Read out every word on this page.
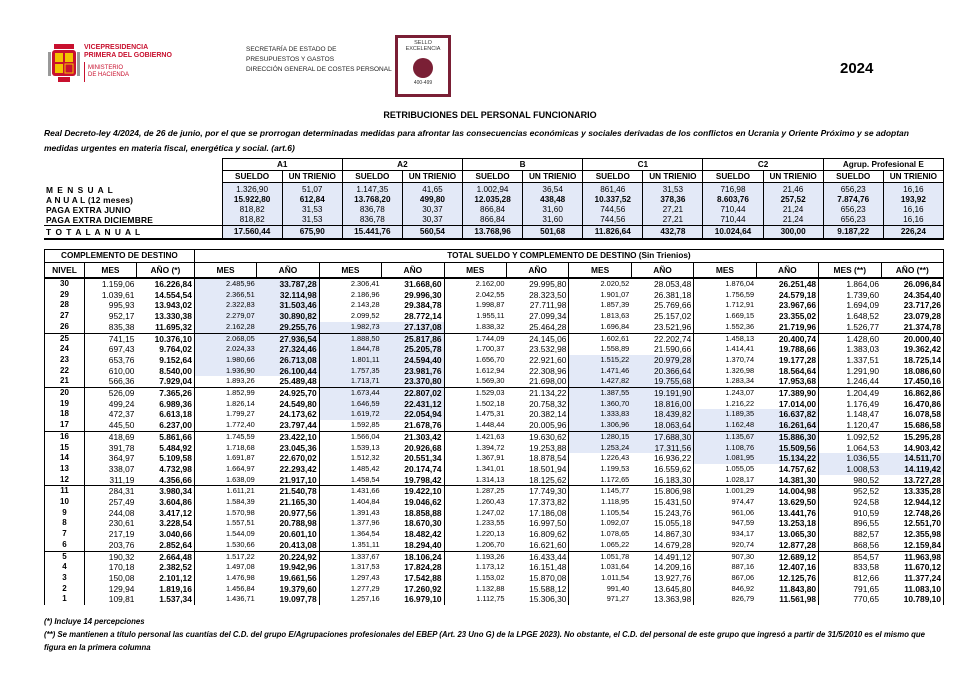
VICEPRESIDENCIA
PRIMERA DEL GOBIERNO
MINISTERIO
DE HACIENDA
SECRETARÍA DE ESTADO DE
PRESUPUESTOS Y GASTOS
DIRECCIÓN GENERAL DE COSTES PERSONAL
SELLO EXCELENCIA
400-499
2024
RETRIBUCIONES DEL PERSONAL FUNCIONARIO
Real Decreto-ley 4/2024, de 26 de junio, por el que se prorrogan determinadas medidas para afrontar las consecuencias económicas y sociales derivadas de los conflictos en Ucrania y Oriente Próximo y se adoptan medidas urgentes en materia fiscal, energética y social. (art.6)
	A1		A2		B		C1		C2		Agrup. Profesional E	
	SUELDO	UN TRIENIO	SUELDO	UN TRIENIO	SUELDO	UN TRIENIO	SUELDO	UN TRIENIO	SUELDO	UN TRIENIO	SUELDO	UN TRIENIO
M E N S U A L	1.326,90	51,07	1.147,35	41,65	1.002,94	36,54	861,46	31,53	716,98	21,46	656,23	16,16
A N U A L (12 meses)	15.922,80	612,84	13.768,20	499,80	12.035,28	438,48	10.337,52	378,36	8.603,76	257,52	7.874,76	193,92
PAGA EXTRA JUNIO	818,82	31,53	836,78	30,37	866,84	31,60	744,56	27,21	710,44	21,24	656,23	16,16
PAGA EXTRA DICIEMBRE	818,82	31,53	836,78	30,37	866,84	31,60	744,56	27,21	710,44	21,24	656,23	16,16
T O T A L A N U A L	17.560,44	675,90	15.441,76	560,54	13.768,96	501,68	11.826,64	432,78	10.024,64	300,00	9.187,22	226,24
COMPLEMENTO DE DESTINO			TOTAL SUELDO Y COMPLEMENTO DE DESTINO (Sin Trienios)											
NIVEL	MES	AÑO (*)	MES	AÑO	MES	AÑO	MES	AÑO	MES	AÑO	MES	AÑO	MES (**)	AÑO (**)
30	1.159,06	16.226,84	2.485,96	33.787,28	2.306,41	31.668,60	2.162,00	29.995,80	2.020,52	28.053,48	1.876,04	26.251,48	1.864,06	26.096,84
29	1.039,61	14.554,54	2.366,51	32.114,98	2.186,96	29.996,30	2.042,55	28.323,50	1.901,07	26.381,18	1.756,59	24.579,18	1.739,60	24.354,40
28	995,93	13.943,02	2.322,83	31.503,46	2.143,28	29.384,78	1.998,87	27.711,98	1.857,39	25.769,66	1.712,91	23.967,66	1.694,09	23.717,26
27	952,17	13.330,38	2.279,07	30.890,82	2.099,52	28.772,14	1.955,11	27.099,34	1.813,63	25.157,02	1.669,15	23.355,02	1.648,52	23.079,28
26	835,38	11.695,32	2.162,28	29.255,76	1.982,73	27.137,08	1.838,32	25.464,28	1.696,84	23.521,96	1.552,36	21.719,96	1.526,77	21.374,78
25	741,15	10.376,10	2.068,05	27.936,54	1.888,50	25.817,86	1.744,09	24.145,06	1.602,61	22.202,74	1.458,13	20.400,74	1.428,60	20.000,40
24	697,43	9.764,02	2.024,33	27.324,46	1.844,78	25.205,78	1.700,37	23.532,98	1.558,89	21.590,66	1.414,41	19.788,66	1.383,03	19.362,42
23	653,76	9.152,64	1.980,66	26.713,08	1.801,11	24.594,40	1.656,70	22.921,60	1.515,22	20.979,28	1.370,74	19.177,28	1.337,51	18.725,14
22	610,00	8.540,00	1.936,90	26.100,44	1.757,35	23.981,76	1.612,94	22.308,96	1.471,46	20.366,64	1.326,98	18.564,64	1.291,90	18.086,60
21	566,36	7.929,04	1.893,26	25.489,48	1.713,71	23.370,80	1.569,30	21.698,00	1.427,82	19.755,68	1.283,34	17.953,68	1.246,44	17.450,16
20	526,09	7.365,26	1.852,99	24.925,70	1.673,44	22.807,02	1.529,03	21.134,22	1.387,55	19.191,90	1.243,07	17.389,90	1.204,49	16.862,86
19	499,24	6.989,36	1.826,14	24.549,80	1.646,59	22.431,12	1.502,18	20.758,32	1.360,70	18.816,00	1.216,22	17.014,00	1.176,49	16.470,86
18	472,37	6.613,18	1.799,27	24.173,62	1.619,72	22.054,94	1.475,31	20.382,14	1.333,83	18.439,82	1.189,35	16.637,82	1.148,47	16.078,58
17	445,50	6.237,00	1.772,40	23.797,44	1.592,85	21.678,76	1.448,44	20.005,96	1.306,96	18.063,64	1.162,48	16.261,64	1.120,47	15.686,58
16	418,69	5.861,66	1.745,59	23.422,10	1.566,04	21.303,42	1.421,63	19.630,62	1.280,15	17.688,30	1.135,67	15.886,30	1.092,52	15.295,28
15	391,78	5.484,92	1.718,68	23.045,36	1.539,13	20.926,68	1.394,72	19.253,88	1.253,24	17.311,56	1.108,76	15.509,56	1.064,53	14.903,42
14	364,97	5.109,58	1.691,87	22.670,02	1.512,32	20.551,34	1.367,91	18.878,54	1.226,43	16.936,22	1.081,95	15.134,22	1.036,55	14.511,70
13	338,07	4.732,98	1.664,97	22.293,42	1.485,42	20.174,74	1.341,01	18.501,94	1.199,53	16.559,62	1.055,05	14.757,62	1.008,53	14.119,42
12	311,19	4.356,66	1.638,09	21.917,10	1.458,54	19.798,42	1.314,13	18.125,62	1.172,65	16.183,30	1.028,17	14.381,30	980,52	13.727,28
11	284,31	3.980,34	1.611,21	21.540,78	1.431,66	19.422,10	1.287,25	17.749,30	1.145,77	15.806,98	1.001,29	14.004,98	952,52	13.335,28
10	257,49	3.604,86	1.584,39	21.165,30	1.404,84	19.046,62	1.260,43	17.373,82	1.118,95	15.431,50	974,47	13.629,50	924,58	12.944,12
9	244,08	3.417,12	1.570,98	20.977,56	1.391,43	18.858,88	1.247,02	17.186,08	1.105,54	15.243,76	961,06	13.441,76	910,59	12.748,26
8	230,61	3.228,54	1.557,51	20.788,98	1.377,96	18.670,30	1.233,55	16.997,50	1.092,07	15.055,18	947,59	13.253,18	896,55	12.551,70
7	217,19	3.040,66	1.544,09	20.601,10	1.364,54	18.482,42	1.220,13	16.809,62	1.078,65	14.867,30	934,17	13.065,30	882,57	12.355,98
6	203,76	2.852,64	1.530,66	20.413,08	1.351,11	18.294,40	1.206,70	16.621,60	1.065,22	14.679,28	920,74	12.877,28	868,56	12.159,84
5	190,32	2.664,48	1.517,22	20.224,92	1.337,67	18.106,24	1.193,26	16.433,44	1.051,78	14.491,12	907,30	12.689,12	854,57	11.963,98
4	170,18	2.382,52	1.497,08	19.942,96	1.317,53	17.824,28	1.173,12	16.151,48	1.031,64	14.209,16	887,16	12.407,16	833,58	11.670,12
3	150,08	2.101,12	1.476,98	19.661,56	1.297,43	17.542,88	1.153,02	15.870,08	1.011,54	13.927,76	867,06	12.125,76	812,66	11.377,24
2	129,94	1.819,16	1.456,84	19.379,60	1.277,29	17.260,92	1.132,88	15.588,12	991,40	13.645,80	846,92	11.843,80	791,65	11.083,10
1	109,81	1.537,34	1.436,71	19.097,78	1.257,16	16.979,10	1.112,75	15.306,30	971,27	13.363,98	826,79	11.561,98	770,65	10.789,10
(*) Incluye 14 percepciones
(**) Se mantienen a título personal las cuantías del C.D. del grupo E/Agrupaciones profesionales del EBEP (Art. 23 Uno G) de la LPGE 2023). No obstante, el C.D. del personal de este grupo que ingresó a partir de 31/5/2010 es el mismo que figura en la primera columna
